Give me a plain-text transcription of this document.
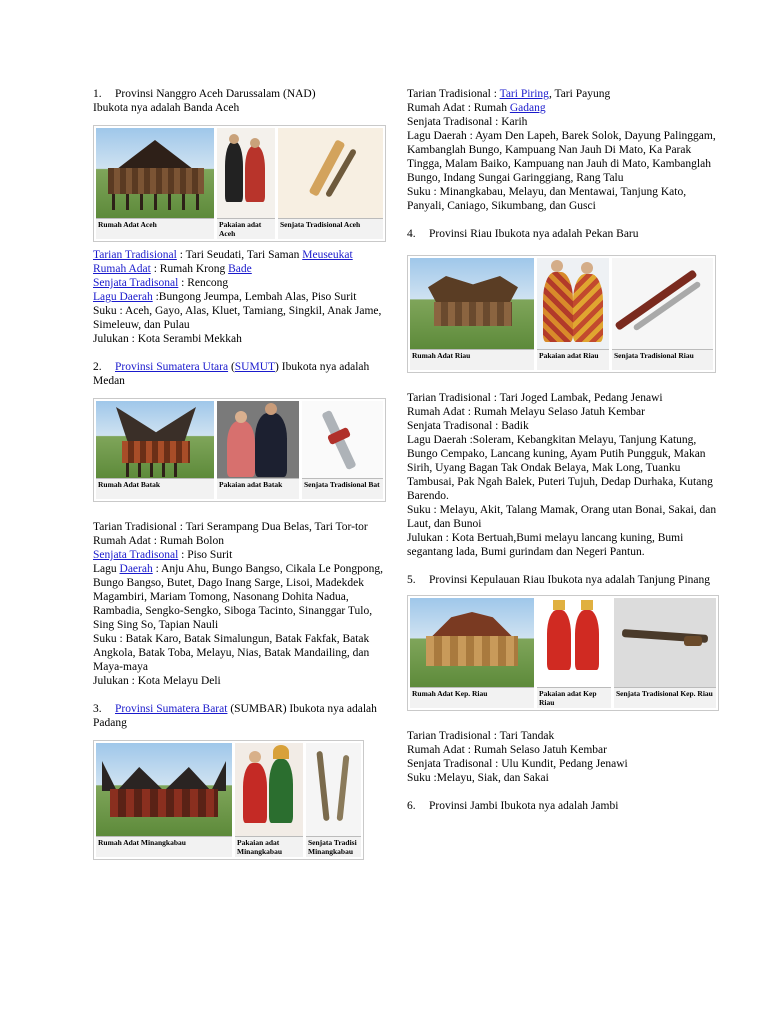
1. Provinsi Nanggro Aceh Darussalam (NAD)

Ibukota nya adalah Banda Aceh

Rumah Adat Aceh	Pakaian adat Aceh
Senjata Tradisional Aceh

Tarian Tradisional : Tari Seudati, Tari Saman Meuseukat

Rumah Adat : Rumah Krong Bade

Senjata Tradisonal : Rencong

Lagu Daerah :Bungong Jeumpa, Lembah Alas, Piso Surit

Suku : Aceh, Gayo, Alas, Kluet, Tamiang, Singkil, Anak Jame, Simeleuw, dan Pulau

Julukan : Kota Serambi Mekkah

2. Provinsi Sumatera Utara (SUMUT) Ibukota nya adalah Medan

Rumah Adat Batak	Pakaian adat Batak	Senjata Tradisional Bat

Tarian Tradisional : Tari Serampang Dua Belas, Tari Tor-tor

Rumah Adat : Rumah Bolon

Senjata Tradisonal : Piso Surit

Lagu Daerah : Anju Ahu, Bungo Bangso, Cikala Le Pongpong, Bungo Bangso, Butet, Dago Inang Sarge, Lisoi, Madekdek Magambiri, Mariam Tomong, Nasonang Dohita Nadua, Rambadia, Sengko-Sengko, Siboga Tacinto, Sinanggar Tulo, Sing Sing So, Tapian Nauli

Suku : Batak Karo, Batak Simalungun, Batak Fakfak, Batak Angkola, Batak Toba, Melayu, Nias, Batak Mandailing, dan Maya-maya

Julukan : Kota Melayu Deli

3. Provinsi Sumatera Barat (SUMBAR) Ibukota nya adalah Padang

Rumah Adat Minangkabau	Pakaian adat Minangkabau
Senjata Tradisi Minangkabau

Tarian Tradisional : Tari Piring, Tari Payung

Rumah Adat : Rumah Gadang

Senjata Tradisonal : Karih

Lagu Daerah : Ayam Den Lapeh, Barek Solok, Dayung Palinggam, Kambanglah Bungo, Kampuang Nan Jauh Di Mato, Ka Parak Tingga, Malam Baiko, Kampuang nan Jauh di Mato, Kambanglah Bungo, Indang Sungai Garinggiang, Rang Talu

Suku : Minangkabau, Melayu, dan Mentawai, Tanjung Kato, Panyali, Caniago, Sikumbang, dan Gusci

4. Provinsi Riau Ibukota nya adalah Pekan Baru

Rumah Adat Riau	Pakaian adat Riau	Senjata Tradisional Riau

Tarian Tradisional : Tari Joged Lambak, Pedang Jenawi

Rumah Adat : Rumah Melayu Selaso Jatuh Kembar

Senjata Tradisonal : Badik

Lagu Daerah :Soleram, Kebangkitan Melayu, Tanjung Katung, Bungo Cempako, Lancang kuning, Ayam Putih Pungguk, Makan Sirih, Uyang Bagan Tak Ondak Belaya, Mak Long, Tuanku Tambusai, Pak Ngah Balek, Puteri Tujuh, Dedap Durhaka, Kutang Barendo.

Suku : Melayu, Akit, Talang Mamak, Orang utan Bonai, Sakai, dan Laut, dan Bunoi

Julukan : Kota Bertuah,Bumi melayu lancang kuning, Bumi segantang lada, Bumi gurindam dan Negeri Pantun.

5. Provinsi Kepulauan Riau Ibukota nya adalah Tanjung Pinang

Rumah Adat Kep. Riau	Pakaian adat Kep Riau
Senjata Tradisional Kep. Riau

Tarian Tradisional : Tari Tandak

Rumah Adat : Rumah Selaso Jatuh Kembar

Senjata Tradisonal : Ulu Kundit, Pedang Jenawi

Suku :Melayu, Siak, dan Sakai

6. Provinsi Jambi Ibukota nya adalah Jambi
